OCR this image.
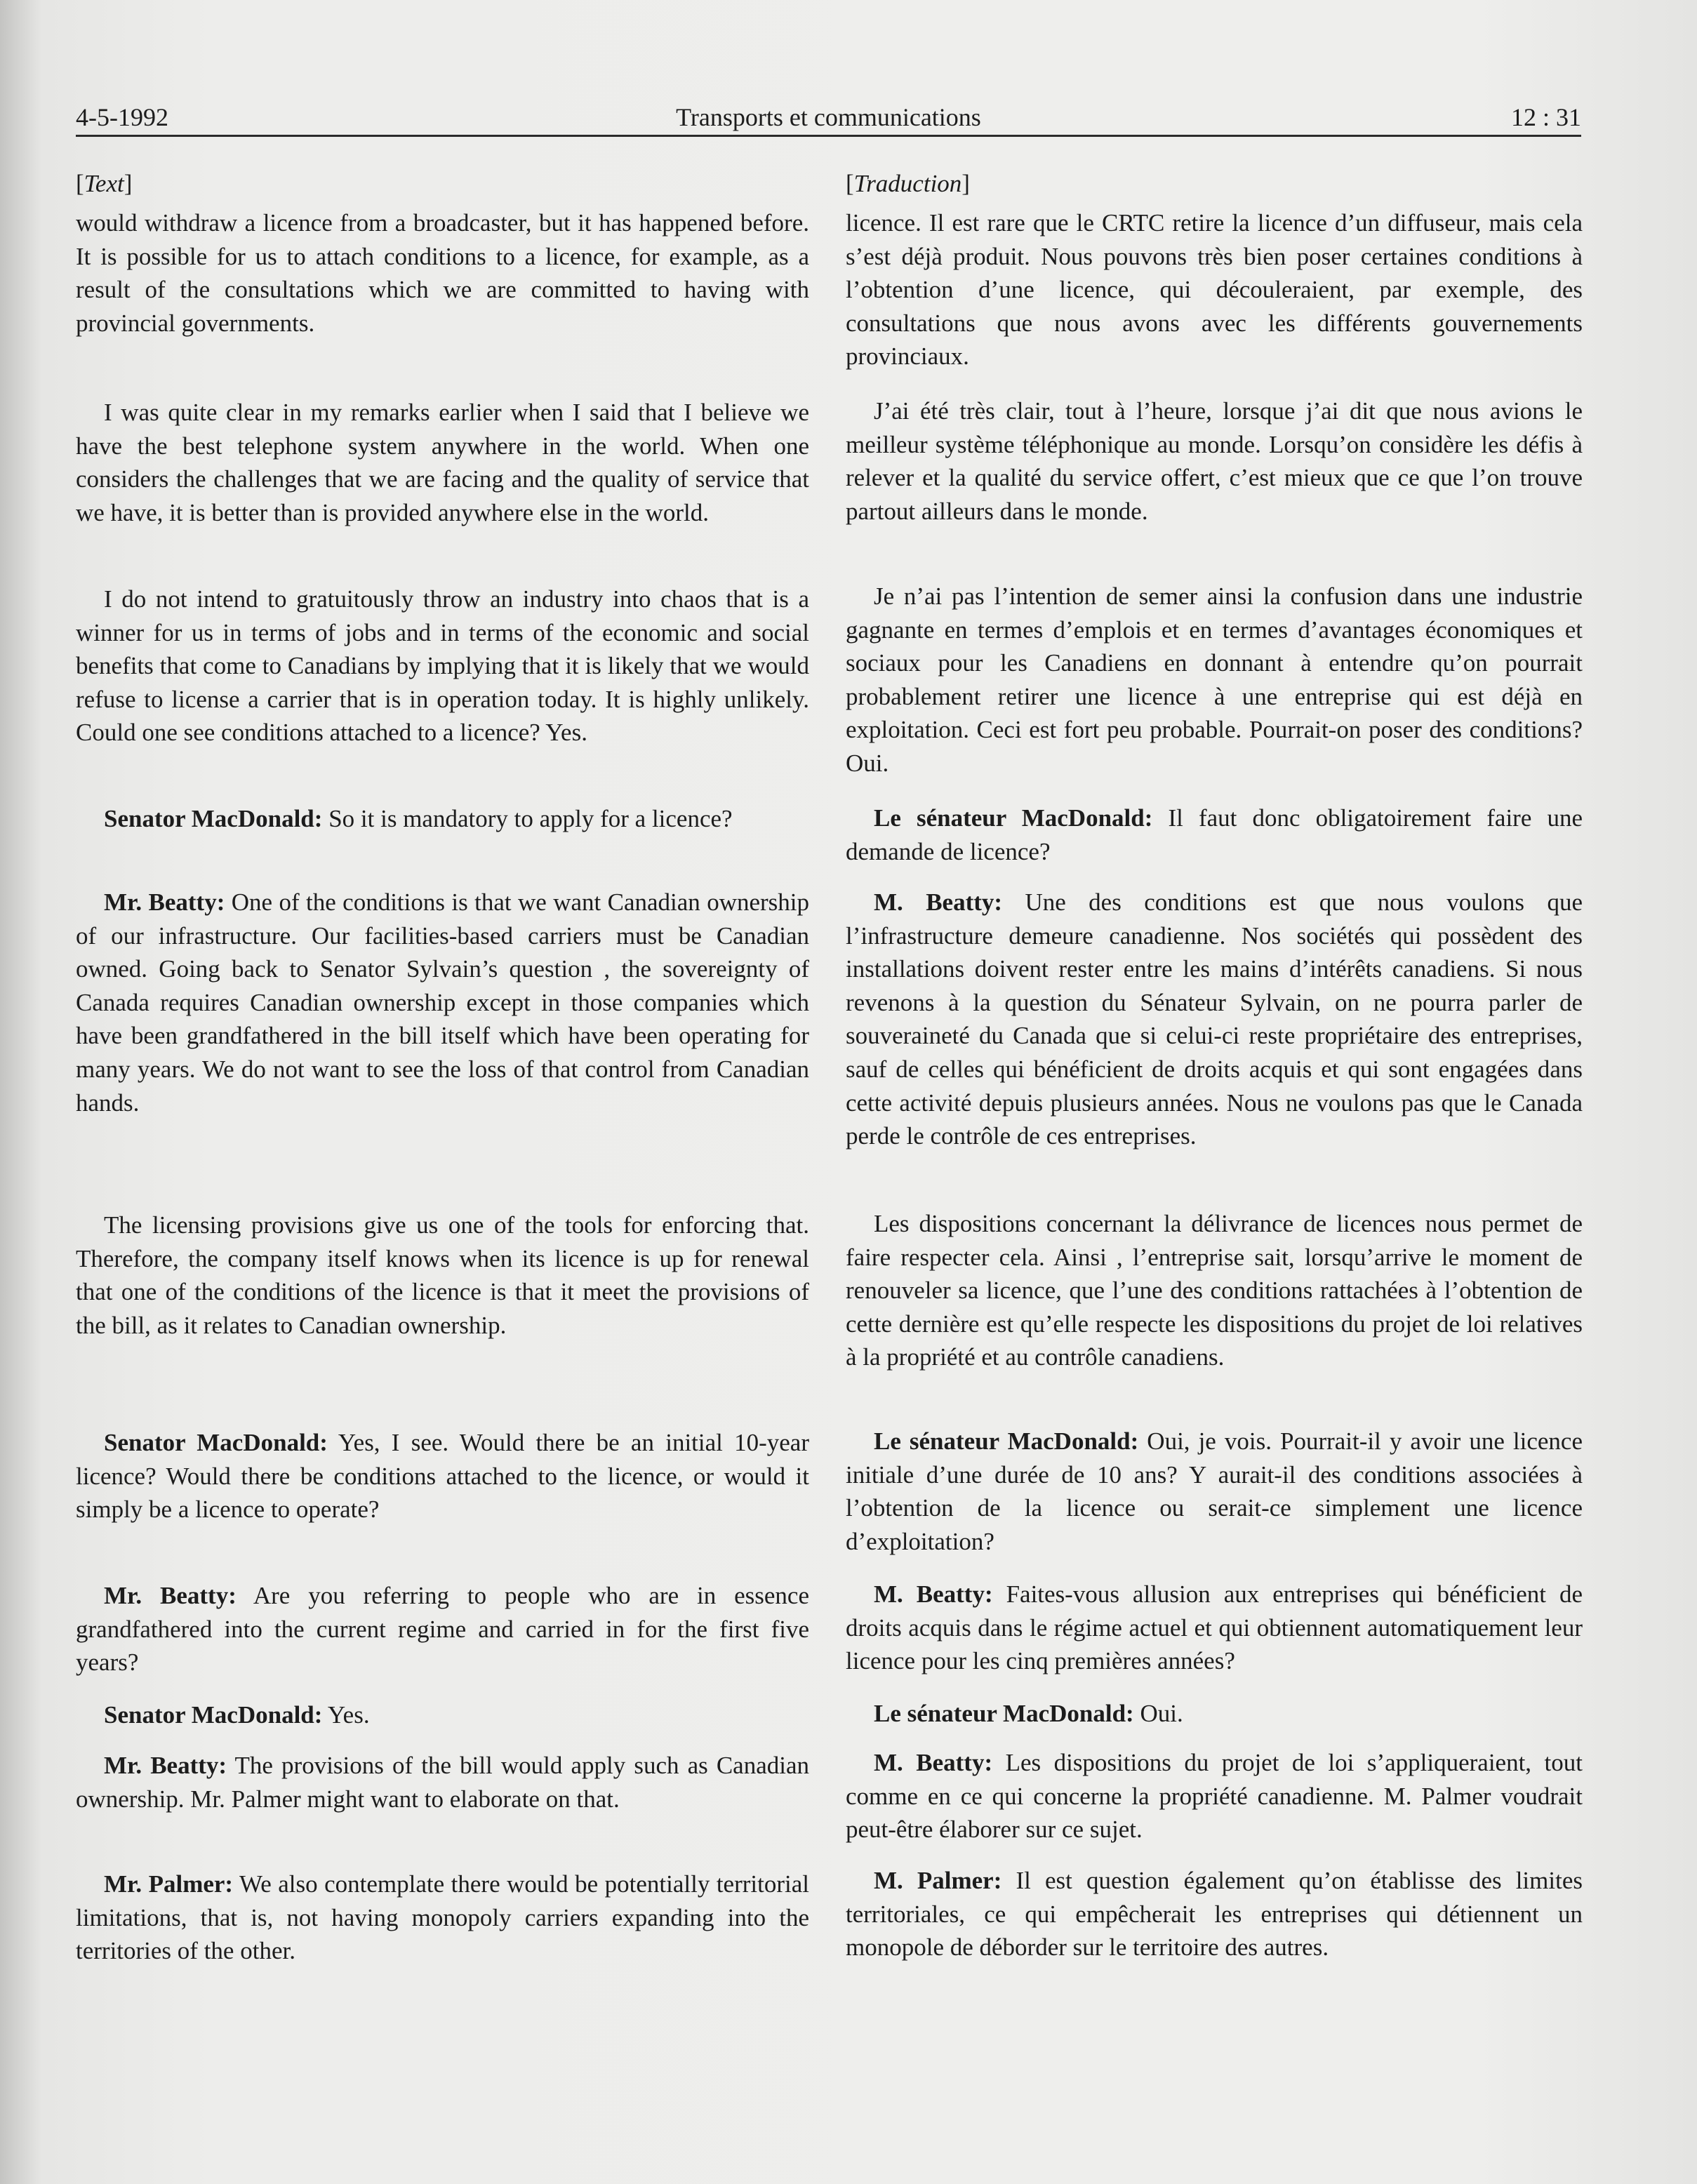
4-5-1992	Transports et communications	12 : 31
[Text]

would withdraw a licence from a broadcaster, but it has happened before. It is possible for us to attach conditions to a licence, for example, as a result of the consultations which we are committed to having with provincial governments.

I was quite clear in my remarks earlier when I said that I believe we have the best telephone system anywhere in the world. When one considers the challenges that we are facing and the quality of service that we have, it is better than is provided anywhere else in the world.

I do not intend to gratuitously throw an industry into chaos that is a winner for us in terms of jobs and in terms of the economic and social benefits that come to Canadians by implying that it is likely that we would refuse to license a carrier that is in operation today. It is highly unlikely. Could one see conditions attached to a licence? Yes.

Senator MacDonald: So it is mandatory to apply for a licence?

Mr. Beatty: One of the conditions is that we want Canadian ownership of our infrastructure. Our facilities-based carriers must be Canadian owned. Going back to Senator Sylvain’s question , the sovereignty of Canada requires Canadian ownership except in those companies which have been grandfathered in the bill itself which have been operating for many years. We do not want to see the loss of that control from Canadian hands.

The licensing provisions give us one of the tools for enforcing that. Therefore, the company itself knows when its licence is up for renewal that one of the conditions of the licence is that it meet the provisions of the bill, as it relates to Canadian ownership.

Senator MacDonald: Yes, I see. Would there be an initial 10-year licence? Would there be conditions attached to the licence, or would it simply be a licence to operate?

Mr. Beatty: Are you referring to people who are in essence grandfathered into the current regime and carried in for the first five years?

Senator MacDonald: Yes.

Mr. Beatty: The provisions of the bill would apply such as Canadian ownership. Mr. Palmer might want to elaborate on that.

Mr. Palmer: We also contemplate there would be potentially territorial limitations, that is, not having monopoly carriers expanding into the territories of the other.

[Traduction]

licence. Il est rare que le CRTC retire la licence d’un diffuseur, mais cela s’est déjà produit. Nous pouvons très bien poser certaines conditions à l’obtention d’une licence, qui découleraient, par exemple, des consultations que nous avons avec les différents gouvernements provinciaux.

J’ai été très clair, tout à l’heure, lorsque j’ai dit que nous avions le meilleur système téléphonique au monde. Lorsqu’on considère les défis à relever et la qualité du service offert, c’est mieux que ce que l’on trouve partout ailleurs dans le monde.

Je n’ai pas l’intention de semer ainsi la confusion dans une industrie gagnante en termes d’emplois et en termes d’avantages économiques et sociaux pour les Canadiens en donnant à entendre qu’on pourrait probablement retirer une licence à une entreprise qui est déjà en exploitation. Ceci est fort peu probable. Pourrait-on poser des conditions? Oui.

Le sénateur MacDonald: Il faut donc obligatoirement faire une demande de licence?

M. Beatty: Une des conditions est que nous voulons que l’infrastructure demeure canadienne. Nos sociétés qui possèdent des installations doivent rester entre les mains d’intérêts canadiens. Si nous revenons à la question du Sénateur Sylvain, on ne pourra parler de souveraineté du Canada que si celui-ci reste propriétaire des entreprises, sauf de celles qui bénéficient de droits acquis et qui sont engagées dans cette activité depuis plusieurs années. Nous ne voulons pas que le Canada perde le contrôle de ces entreprises.

Les dispositions concernant la délivrance de licences nous permet de faire respecter cela. Ainsi , l’entreprise sait, lorsqu’arrive le moment de renouveler sa licence, que l’une des conditions rattachées à l’obtention de cette dernière est qu’elle respecte les dispositions du projet de loi relatives à la propriété et au contrôle canadiens.

Le sénateur MacDonald: Oui, je vois. Pourrait-il y avoir une licence initiale d’une durée de 10 ans? Y aurait-il des conditions associées à l’obtention de la licence ou serait-ce simplement une licence d’exploitation?

M. Beatty: Faites-vous allusion aux entreprises qui bénéficient de droits acquis dans le régime actuel et qui obtiennent automatiquement leur licence pour les cinq premières années?

Le sénateur MacDonald: Oui.

M. Beatty: Les dispositions du projet de loi s’appliqueraient, tout comme en ce qui concerne la propriété canadienne. M. Palmer voudrait peut-être élaborer sur ce sujet.

M. Palmer: Il est question également qu’on établisse des limites territoriales, ce qui empêcherait les entreprises qui détiennent un monopole de déborder sur le territoire des autres.
